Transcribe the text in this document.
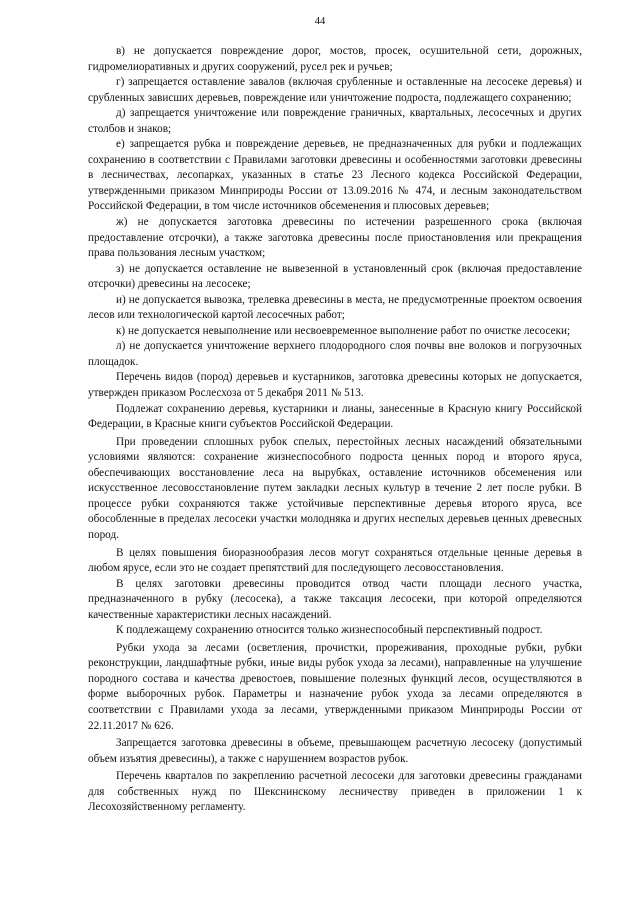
44

в) не допускается повреждение дорог, мостов, просек, осушительной сети, дорожных, гидромелиоративных и других сооружений, русел рек и ручьев;

г) запрещается оставление завалов (включая срубленные и оставленные на лесосеке деревья) и срубленных зависших деревьев, повреждение или уничтожение подроста, подлежащего сохранению;

д) запрещается уничтожение или повреждение граничных, квартальных, лесосечных и других столбов и знаков;

е) запрещается рубка и повреждение деревьев, не предназначенных для рубки и подлежащих сохранению в соответствии с Правилами заготовки древесины и особенностями заготовки древесины в лесничествах, лесопарках, указанных в статье 23 Лесного кодекса Российской Федерации, утвержденными приказом Минприроды России от 13.09.2016 № 474, и лесным законодательством Российской Федерации, в том числе источников обсеменения и плюсовых деревьев;

ж) не допускается заготовка древесины по истечении разрешенного срока (включая предоставление отсрочки), а также заготовка древесины после приостановления или прекращения права пользования лесным участком;

з) не допускается оставление не вывезенной в установленный срок (включая предоставление отсрочки) древесины на лесосеке;

и) не допускается вывозка, трелевка древесины в места, не предусмотренные проектом освоения лесов или технологической картой лесосечных работ;

к) не допускается невыполнение или несвоевременное выполнение работ по очистке лесосеки;

л) не допускается уничтожение верхнего плодородного слоя почвы вне волоков и погрузочных площадок.

Перечень видов (пород) деревьев и кустарников, заготовка древесины которых не допускается, утвержден приказом Рослесхоза от 5 декабря 2011 № 513.

Подлежат сохранению деревья, кустарники и лианы, занесенные в Красную книгу Российской Федерации, в Красные книги субъектов Российской Федерации.

При проведении сплошных рубок спелых, перестойных лесных насаждений обязательными условиями являются: сохранение жизнеспособного подроста ценных пород и второго яруса, обеспечивающих восстановление леса на вырубках, оставление источников обсеменения или искусственное лесовосстановление путем закладки лесных культур в течение 2 лет после рубки. В процессе рубки сохраняются также устойчивые перспективные деревья второго яруса, все обособленные в пределах лесосеки участки молодняка и других неспелых деревьев ценных древесных пород.

В целях повышения биоразнообразия лесов могут сохраняться отдельные ценные деревья в любом ярусе, если это не создает препятствий для последующего лесовосстановления.

В целях заготовки древесины проводится отвод части площади лесного участка, предназначенного в рубку (лесосека), а также таксация лесосеки, при которой определяются качественные характеристики лесных насаждений.

К подлежащему сохранению относится только жизнеспособный перспективный подрост.

Рубки ухода за лесами (осветления, прочистки, прореживания, проходные рубки, рубки реконструкции, ландшафтные рубки, иные виды рубок ухода за лесами), направленные на улучшение породного состава и качества древостоев, повышение полезных функций лесов, осуществляются в форме выборочных рубок. Параметры и назначение рубок ухода за лесами определяются в соответствии с Правилами ухода за лесами, утвержденными приказом Минприроды России от 22.11.2017 № 626.

Запрещается заготовка древесины в объеме, превышающем расчетную лесосеку (допустимый объем изъятия древесины), а также с нарушением возрастов рубок.

Перечень кварталов по закреплению расчетной лесосеки для заготовки древесины гражданами для собственных нужд по Шекснинскому лесничеству приведен в приложении 1 к Лесохозяйственному регламенту.
